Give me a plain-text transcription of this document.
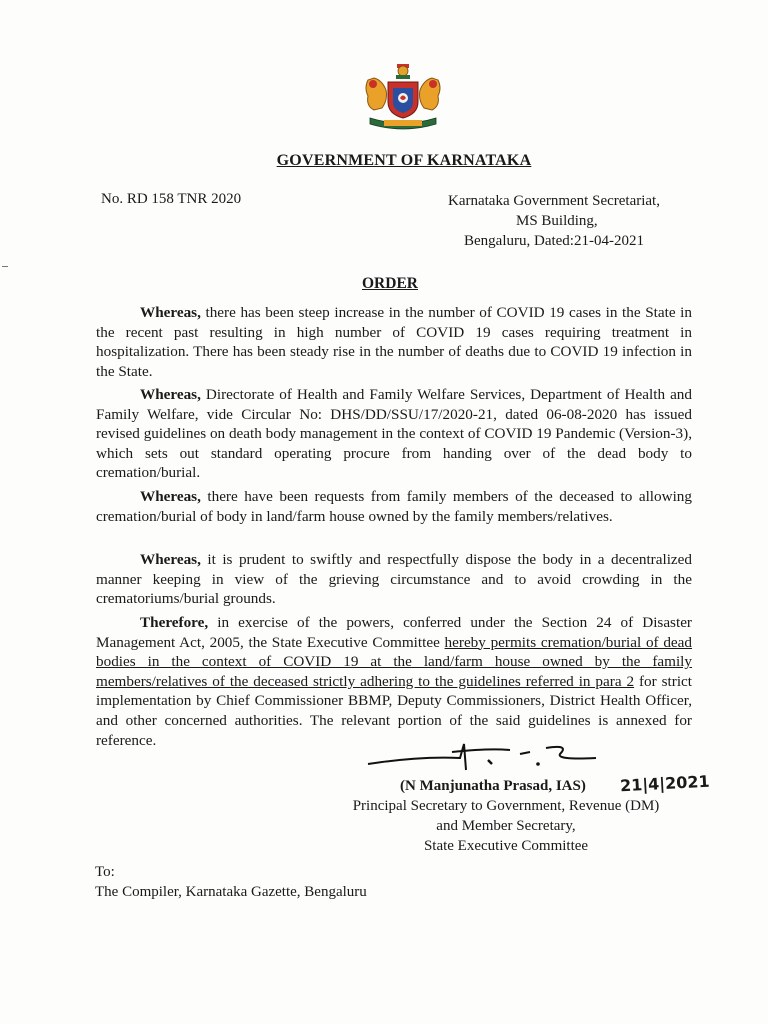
GOVERNMENT OF KARNATAKA
No. RD 158 TNR 2020	Karnataka Government Secretariat,
MS Building,
Bengaluru, Dated:21-04-2021
ORDER

Whereas, there has been steep increase in the number of COVID 19 cases in the State in the recent past resulting in high number of COVID 19 cases requiring treatment in hospitalization. There has been steady rise in the number of deaths due to COVID 19 infection in the State.

Whereas, Directorate of Health and Family Welfare Services, Department of Health and Family Welfare, vide Circular No: DHS/DD/SSU/17/2020-21, dated 06-08-2020 has issued revised guidelines on death body management in the context of COVID 19 Pandemic (Version-3), which sets out standard operating procure from handing over of the dead body to cremation/burial.

Whereas, there have been requests from family members of the deceased to allowing cremation/burial of body in land/farm house owned by the family members/relatives.

Whereas, it is prudent to swiftly and respectfully dispose the body in a decentralized manner keeping in view of the grieving circumstance and to avoid crowding in the crematoriums/burial grounds.

Therefore, in exercise of the powers, conferred under the Section 24 of Disaster Management Act, 2005, the State Executive Committee hereby permits cremation/burial of dead bodies in the context of COVID 19 at the land/farm house owned by the family members/relatives of the deceased strictly adhering to the guidelines referred in para 2 for strict implementation by Chief Commissioner BBMP, Deputy Commissioners, District Health Officer, and other concerned authorities. The relevant portion of the said guidelines is annexed for reference.

(N Manjunatha Prasad, IAS) 21|4|2021
Principal Secretary to Government, Revenue (DM)
and Member Secretary,
State Executive Committee
To:
The Compiler, Karnataka Gazette, Bengaluru
